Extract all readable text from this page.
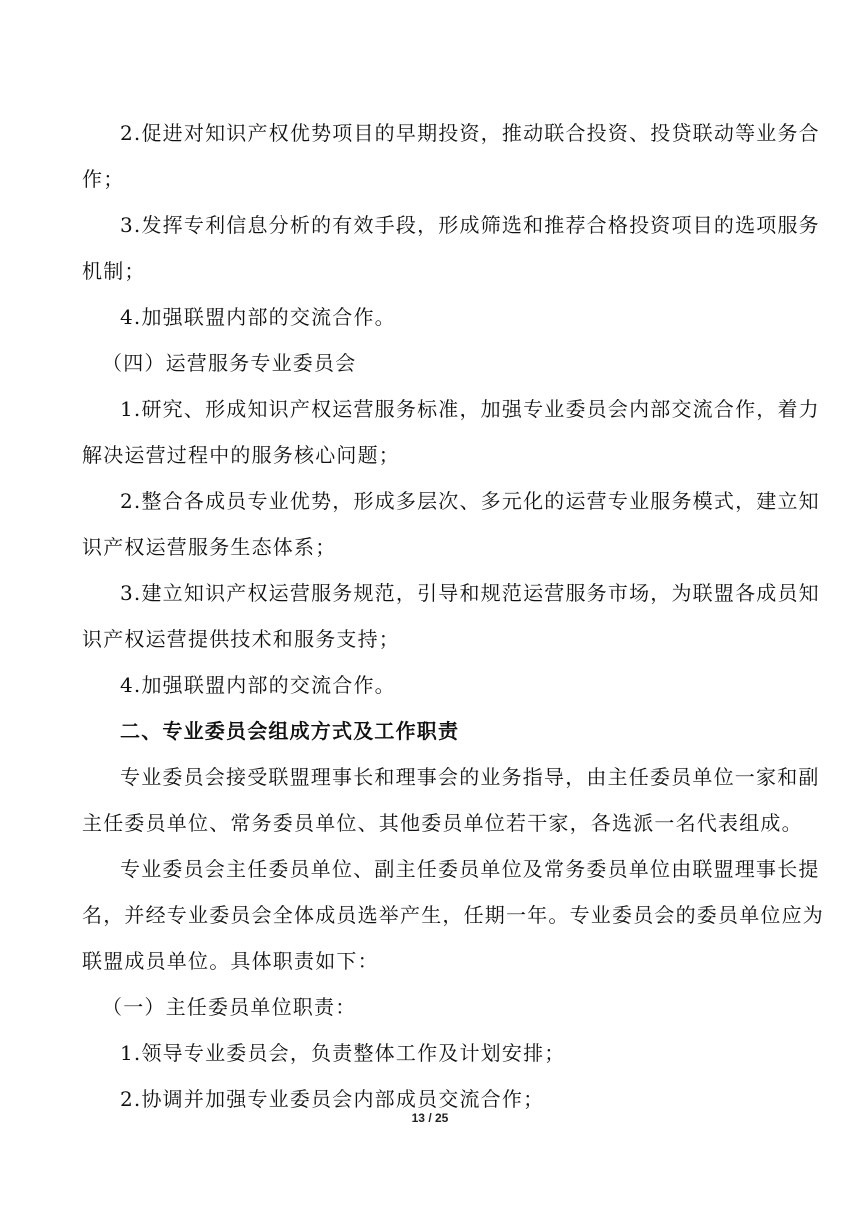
2.促进对知识产权优势项目的早期投资，推动联合投资、投贷联动等业务合
作；
3.发挥专利信息分析的有效手段，形成筛选和推荐合格投资项目的选项服务
机制；
4.加强联盟内部的交流合作。
（四）运营服务专业委员会
1.研究、形成知识产权运营服务标准，加强专业委员会内部交流合作，着力
解决运营过程中的服务核心问题；
2.整合各成员专业优势，形成多层次、多元化的运营专业服务模式，建立知
识产权运营服务生态体系；
3.建立知识产权运营服务规范，引导和规范运营服务市场，为联盟各成员知
识产权运营提供技术和服务支持；
4.加强联盟内部的交流合作。
二、专业委员会组成方式及工作职责
专业委员会接受联盟理事长和理事会的业务指导，由主任委员单位一家和副
主任委员单位、常务委员单位、其他委员单位若干家，各选派一名代表组成。
专业委员会主任委员单位、副主任委员单位及常务委员单位由联盟理事长提
名，并经专业委员会全体成员选举产生，任期一年。专业委员会的委员单位应为
联盟成员单位。具体职责如下：
（一）主任委员单位职责：
1.领导专业委员会，负责整体工作及计划安排；
2.协调并加强专业委员会内部成员交流合作；
13 / 25
